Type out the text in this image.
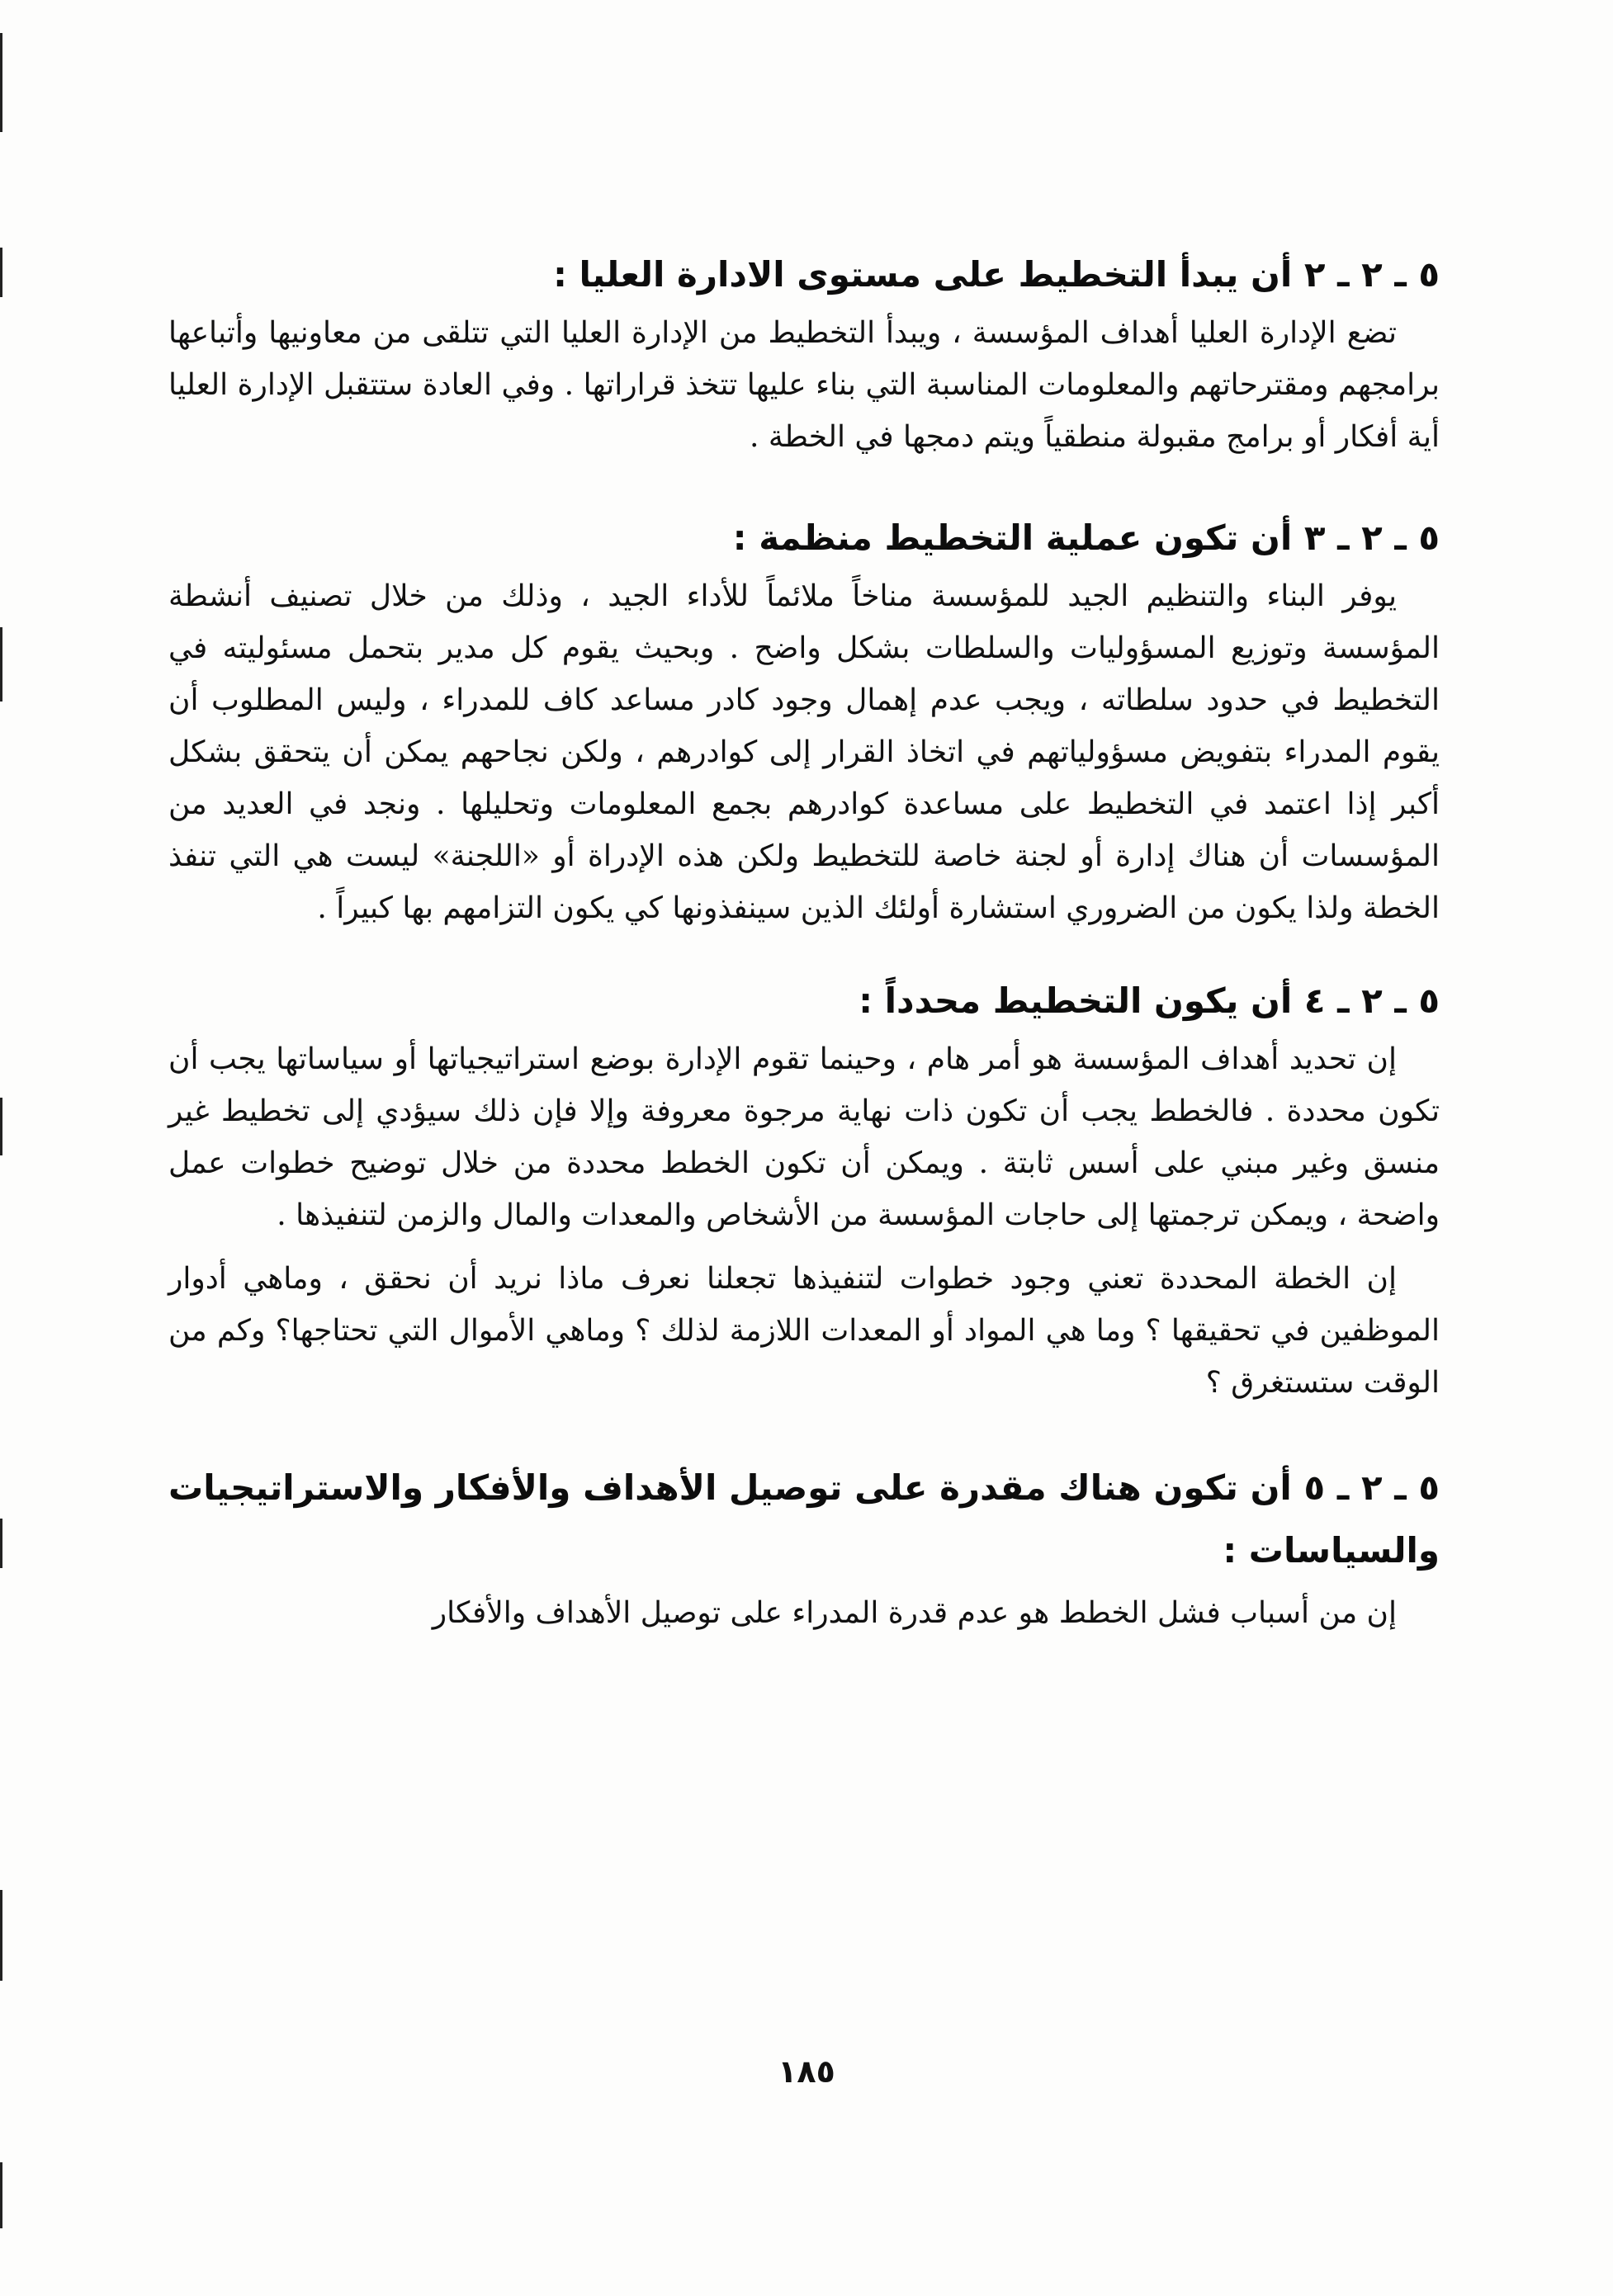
٥ ـ ٢ ـ ٢ أن يبدأ التخطيط على مستوى الادارة العليا :

تضع الإدارة العليا أهداف المؤسسة ، ويبدأ التخطيط من الإدارة العليا التي تتلقى من معاونيها وأتباعها برامجهم ومقترحاتهم والمعلومات المناسبة التي بناء عليها تتخذ قراراتها . وفي العادة ستتقبل الإدارة العليا أية أفكار أو برامج مقبولة منطقياً ويتم دمجها في الخطة .

٥ ـ ٢ ـ ٣ أن تكون عملية التخطيط منظمة :

يوفر البناء والتنظيم الجيد للمؤسسة مناخاً ملائماً للأداء الجيد ، وذلك من خلال تصنيف أنشطة المؤسسة وتوزيع المسؤوليات والسلطات بشكل واضح . وبحيث يقوم كل مدير بتحمل مسئوليته في التخطيط في حدود سلطاته ، ويجب عدم إهمال وجود كادر مساعد كاف للمدراء ، وليس المطلوب أن يقوم المدراء بتفويض مسؤولياتهم في اتخاذ القرار إلى كوادرهم ، ولكن نجاحهم يمكن أن يتحقق بشكل أكبر إذا اعتمد في التخطيط على مساعدة كوادرهم بجمع المعلومات وتحليلها . ونجد في العديد من المؤسسات أن هناك إدارة أو لجنة خاصة للتخطيط ولكن هذه الإدراة أو «اللجنة» ليست هي التي تنفذ الخطة ولذا يكون من الضروري استشارة أولئك الذين سينفذونها كي يكون التزامهم بها كبيراً .

٥ ـ ٢ ـ ٤ أن يكون التخطيط محدداً :

إن تحديد أهداف المؤسسة هو أمر هام ، وحينما تقوم الإدارة بوضع استراتيجياتها أو سياساتها يجب أن تكون محددة . فالخطط يجب أن تكون ذات نهاية مرجوة معروفة وإلا فإن ذلك سيؤدي إلى تخطيط غير منسق وغير مبني على أسس ثابتة . ويمكن أن تكون الخطط محددة من خلال توضيح خطوات عمل واضحة ، ويمكن ترجمتها إلى حاجات المؤسسة من الأشخاص والمعدات والمال والزمن لتنفيذها .

إن الخطة المحددة تعني وجود خطوات لتنفيذها تجعلنا نعرف ماذا نريد أن نحقق ، وماهي أدوار الموظفين في تحقيقها ؟ وما هي المواد أو المعدات اللازمة لذلك ؟ وماهي الأموال التي تحتاجها؟ وكم من الوقت ستستغرق ؟

٥ ـ ٢ ـ ٥ أن تكون هناك مقدرة على توصيل الأهداف والأفكار والاستراتيجيات والسياسات :

إن من أسباب فشل الخطط هو عدم قدرة المدراء على توصيل الأهداف والأفكار

١٨٥
